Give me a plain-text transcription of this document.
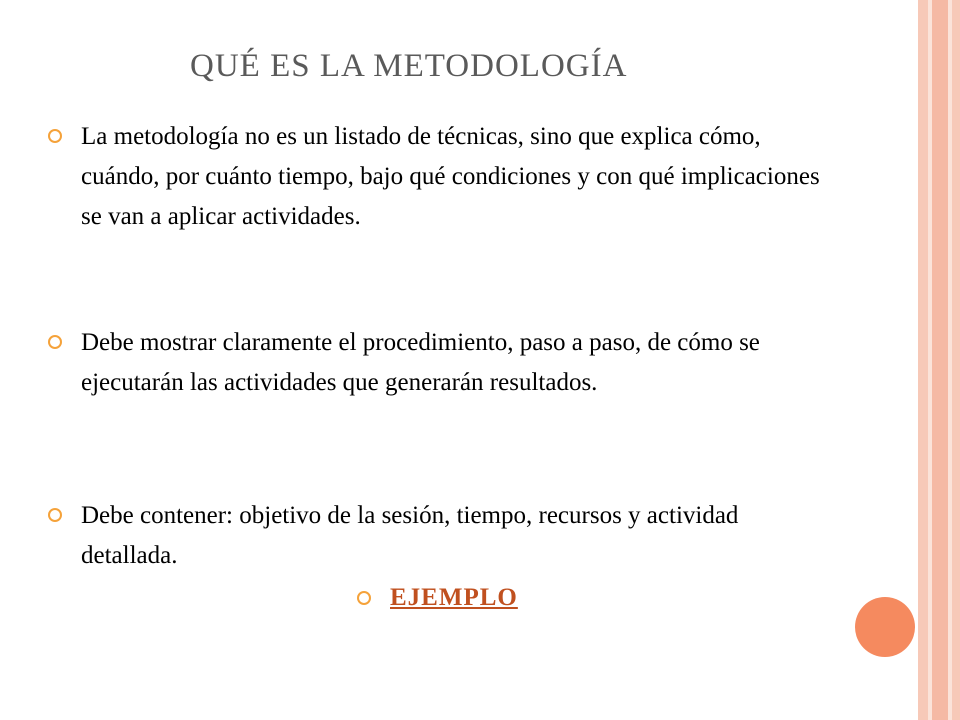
QUÉ ES LA METODOLOGÍA
La metodología no es un listado de técnicas, sino que explica cómo, cuándo, por cuánto tiempo, bajo qué condiciones y con qué implicaciones se van a aplicar actividades.
Debe mostrar claramente el procedimiento, paso a paso, de cómo se ejecutarán las actividades que generarán resultados.
Debe contener: objetivo de la sesión, tiempo, recursos y actividad detallada.
EJEMPLO
